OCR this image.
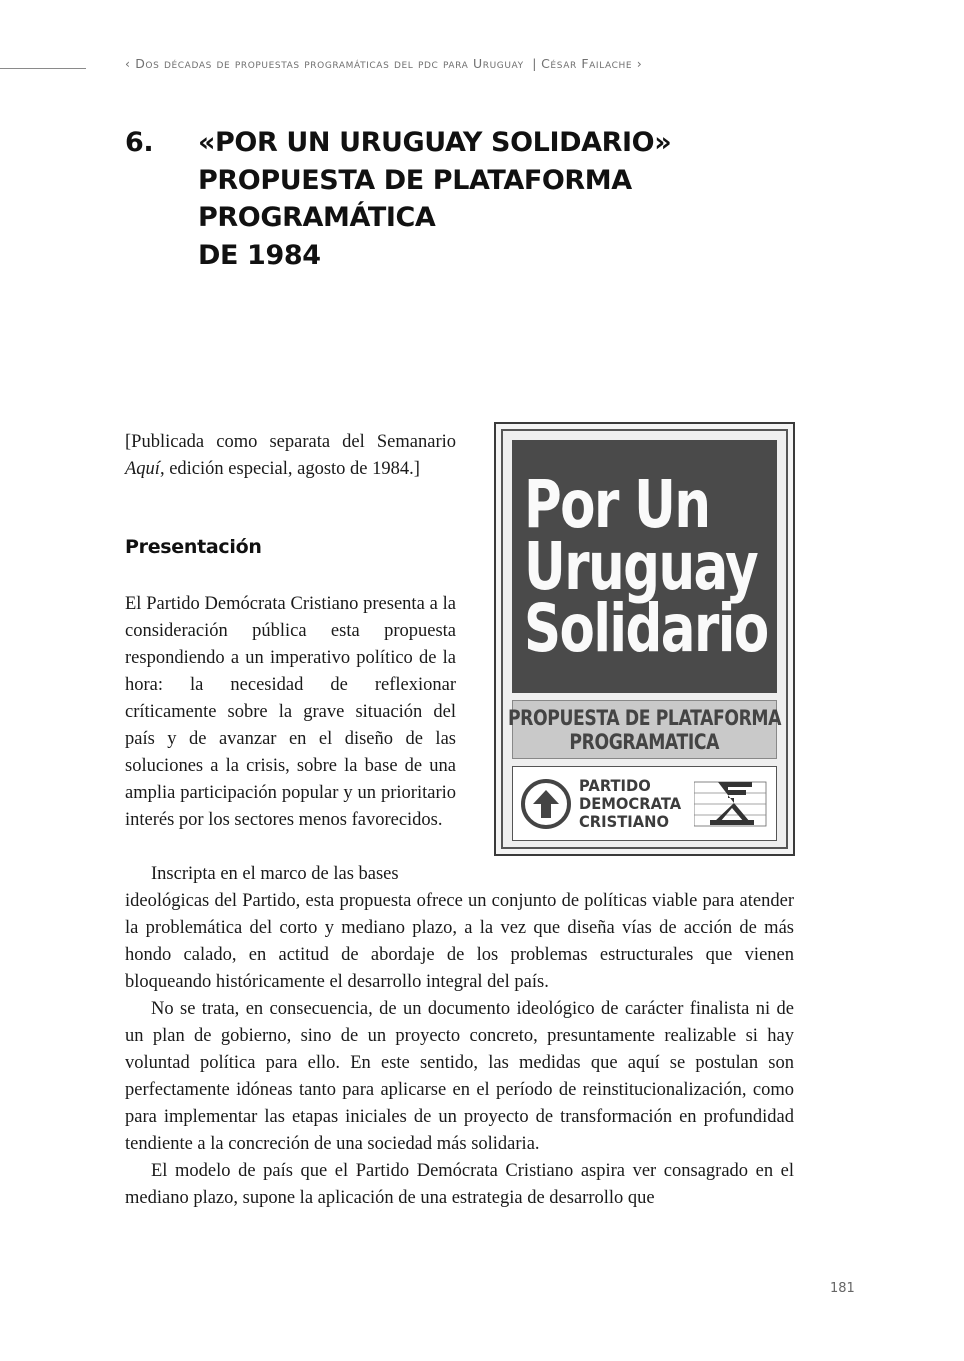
‹ Dos décadas de propuestas programáticas del pdc para Uruguay | César Failache ›
6.	«POR UN URUGUAY SOLIDARIO»
PROPUESTA DE PLATAFORMA
PROGRAMÁTICA
DE 1984
[Publicada como separata del Semanario Aquí, edición especial, agosto de 1984.]
Presentación
El Partido Demócrata Cristiano presenta a la consideración pública esta propuesta respondiendo a un imperativo político de la hora: la necesidad de reflexionar críticamente sobre la grave situación del país y de avanzar en el diseño de las soluciones a la crisis, sobre la base de una amplia participación popular y un prioritario interés por los sectores menos favorecidos.
Inscripta en el marco de las bases

ideológicas del Partido, esta propuesta ofrece un conjunto de políticas viable para atender la problemática del corto y mediano plazo, a la vez que diseña vías de acción de más hondo calado, en actitud de abordaje de los problemas estructurales que vienen bloqueando históricamente el desarrollo integral del país.

No se trata, en consecuencia, de un documento ideológico de carácter finalista ni de un plan de gobierno, sino de un proyecto concreto, presuntamente realizable si hay voluntad política para ello. En este sentido, las medidas que aquí se postulan son perfectamente idóneas tanto para aplicarse en el período de reinstitucionalización, como para implementar las etapas iniciales de un proyecto de transformación en profundidad tendiente a la concreción de una sociedad más solidaria.

El modelo de país que el Partido Demócrata Cristiano aspira ver consagrado en el mediano plazo, supone la aplicación de una estrategia de desarrollo que

Por Un
Uruguay
Solidario
PROPUESTA DE PLATAFORMA
PROGRAMATICA
PARTIDO
DEMOCRATA
CRISTIANO
181
